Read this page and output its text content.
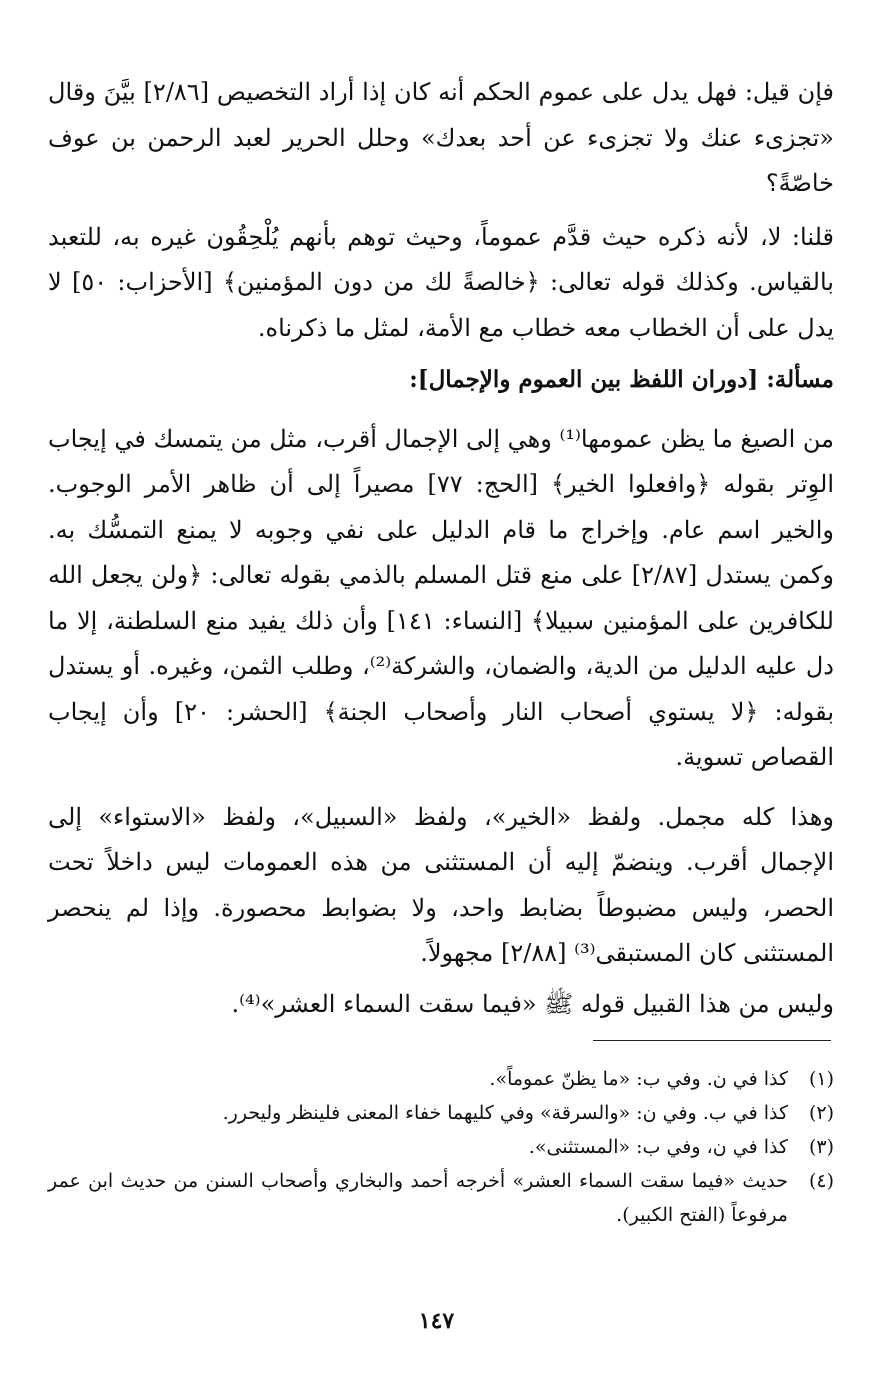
فإن قيل: فهل يدل على عموم الحكم أنه كان إذا أراد التخصيص [٢/٨٦] بيَّنَ وقال «تجزىء عنك ولا تجزىء عن أحد بعدك» وحلل الحرير لعبد الرحمن بن عوف خاصّةً؟

قلنا: لا، لأنه ذكره حيث قدَّم عموماً، وحيث توهم بأنهم يُلْحِقُون غيره به، للتعبد بالقياس. وكذلك قوله تعالى: ﴿خالصةً لك من دون المؤمنين﴾ [الأحزاب: ٥٠] لا يدل على أن الخطاب معه خطاب مع الأمة، لمثل ما ذكرناه.

مسألة: [دوران اللفظ بين العموم والإجمال]:

من الصيغ ما يظن عمومها⁽¹⁾ وهي إلى الإجمال أقرب، مثل من يتمسك في إيجاب الوِتر بقوله ﴿وافعلوا الخير﴾ [الحج: ٧٧] مصيراً إلى أن ظاهر الأمر الوجوب. والخير اسم عام. وإخراج ما قام الدليل على نفي وجوبه لا يمنع التمسُّك به. وكمن يستدل [٢/٨٧] على منع قتل المسلم بالذمي بقوله تعالى: ﴿ولن يجعل الله للكافرين على المؤمنين سبيلا﴾ [النساء: ١٤١] وأن ذلك يفيد منع السلطنة، إلا ما دل عليه الدليل من الدية، والضمان، والشركة⁽²⁾، وطلب الثمن، وغيره. أو يستدل بقوله: ﴿لا يستوي أصحاب النار وأصحاب الجنة﴾ [الحشر: ٢٠] وأن إيجاب القصاص تسوية.

وهذا كله مجمل. ولفظ «الخير»، ولفظ «السبيل»، ولفظ «الاستواء» إلى الإجمال أقرب. وينضمّ إليه أن المستثنى من هذه العمومات ليس داخلاً تحت الحصر، وليس مضبوطاً بضابط واحد، ولا بضوابط محصورة. وإذا لم ينحصر المستثنى كان المستبقى⁽³⁾ [٢/٨٨] مجهولاً.

وليس من هذا القبيل قوله ﷺ «فيما سقت السماء العشر»⁽⁴⁾.

(١)
كذا في ن. وفي ب: «ما يظنّ عموماً».
(٢)
كذا في ب. وفي ن: «والسرقة» وفي كليهما خفاء المعنى فلينظر وليحرر.
(٣)
كذا في ن، وفي ب: «المستثنى».
(٤)
حديث «فيما سقت السماء العشر» أخرجه أحمد والبخاري وأصحاب السنن من حديث ابن عمر مرفوعاً (الفتح الكبير).
١٤٧
